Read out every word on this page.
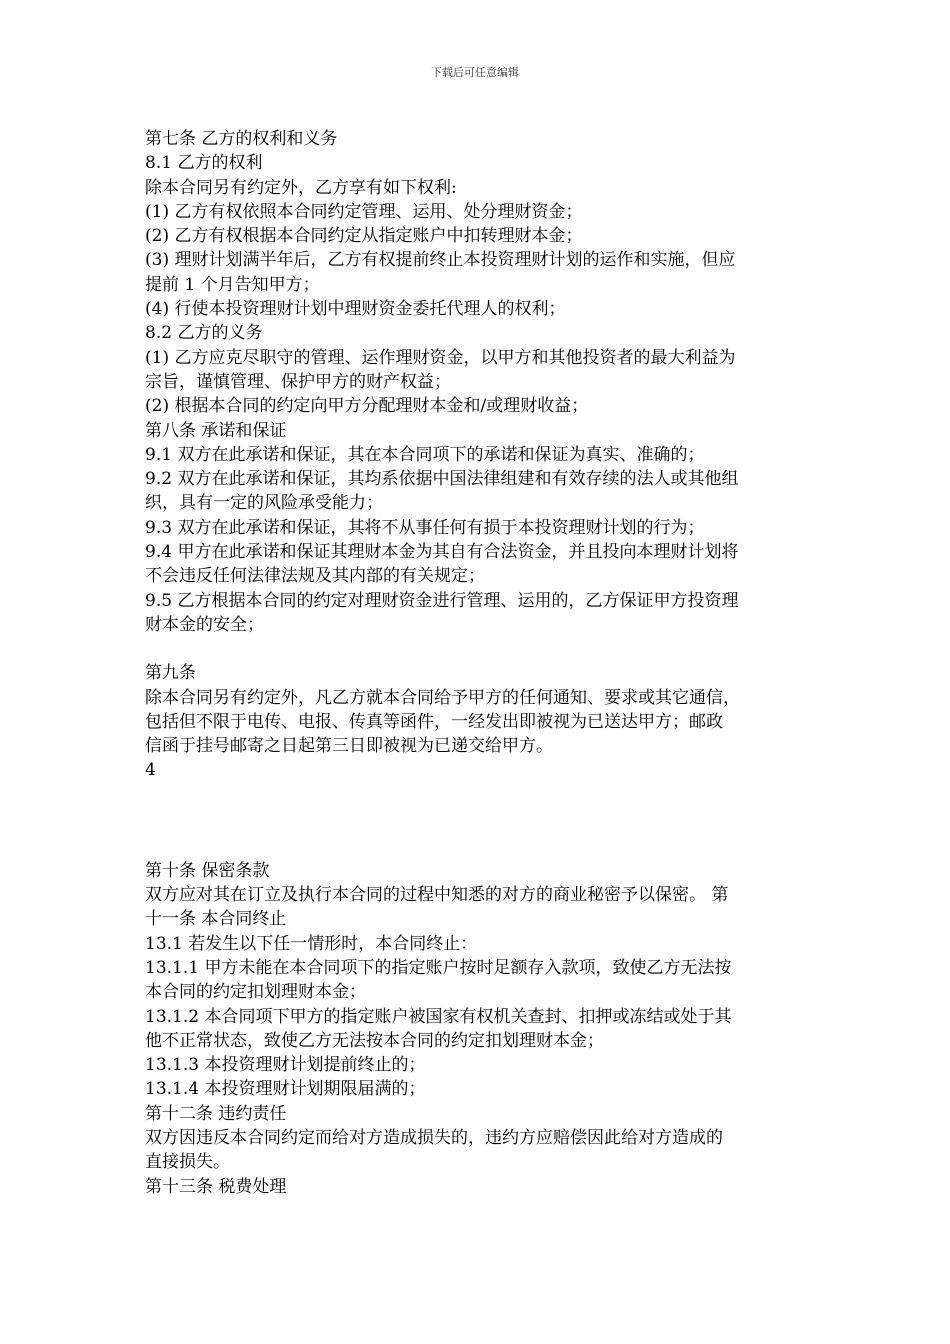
下载后可任意编辑
第七条 乙方的权利和义务
8.1 乙方的权利
除本合同另有约定外，乙方享有如下权利:
(1) 乙方有权依照本合同约定管理、运用、处分理财资金；
(2) 乙方有权根据本合同约定从指定账户中扣转理财本金；
(3) 理财计划满半年后，乙方有权提前终止本投资理财计划的运作和实施，但应
提前 1 个月告知甲方；
(4) 行使本投资理财计划中理财资金委托代理人的权利；
8.2 乙方的义务
(1) 乙方应克尽职守的管理、运作理财资金，以甲方和其他投资者的最大利益为
宗旨，谨慎管理、保护甲方的财产权益；
(2) 根据本合同的约定向甲方分配理财本金和/或理财收益；
第八条 承诺和保证
9.1 双方在此承诺和保证，其在本合同项下的承诺和保证为真实、准确的；
9.2 双方在此承诺和保证，其均系依据中国法律组建和有效存续的法人或其他组
织，具有一定的风险承受能力；
9.3 双方在此承诺和保证，其将不从事任何有损于本投资理财计划的行为；
9.4 甲方在此承诺和保证其理财本金为其自有合法资金，并且投向本理财计划将
不会违反任何法律法规及其内部的有关规定；
9.5 乙方根据本合同的约定对理财资金进行管理、运用的，乙方保证甲方投资理
财本金的安全；
第九条
除本合同另有约定外，凡乙方就本合同给予甲方的任何通知、要求或其它通信，
包括但不限于电传、电报、传真等函件，一经发出即被视为已送达甲方；邮政
信函于挂号邮寄之日起第三日即被视为已递交给甲方。
4
第十条 保密条款
双方应对其在订立及执行本合同的过程中知悉的对方的商业秘密予以保密。 第
十一条 本合同终止
13.1 若发生以下任一情形时，本合同终止：
13.1.1 甲方未能在本合同项下的指定账户按时足额存入款项，致使乙方无法按
本合同的约定扣划理财本金；
13.1.2 本合同项下甲方的指定账户被国家有权机关查封、扣押或冻结或处于其
他不正常状态，致使乙方无法按本合同的约定扣划理财本金；
13.1.3 本投资理财计划提前终止的；
13.1.4 本投资理财计划期限届满的；
第十二条 违约责任
双方因违反本合同约定而给对方造成损失的，违约方应赔偿因此给对方造成的
直接损失。
第十三条 税费处理
